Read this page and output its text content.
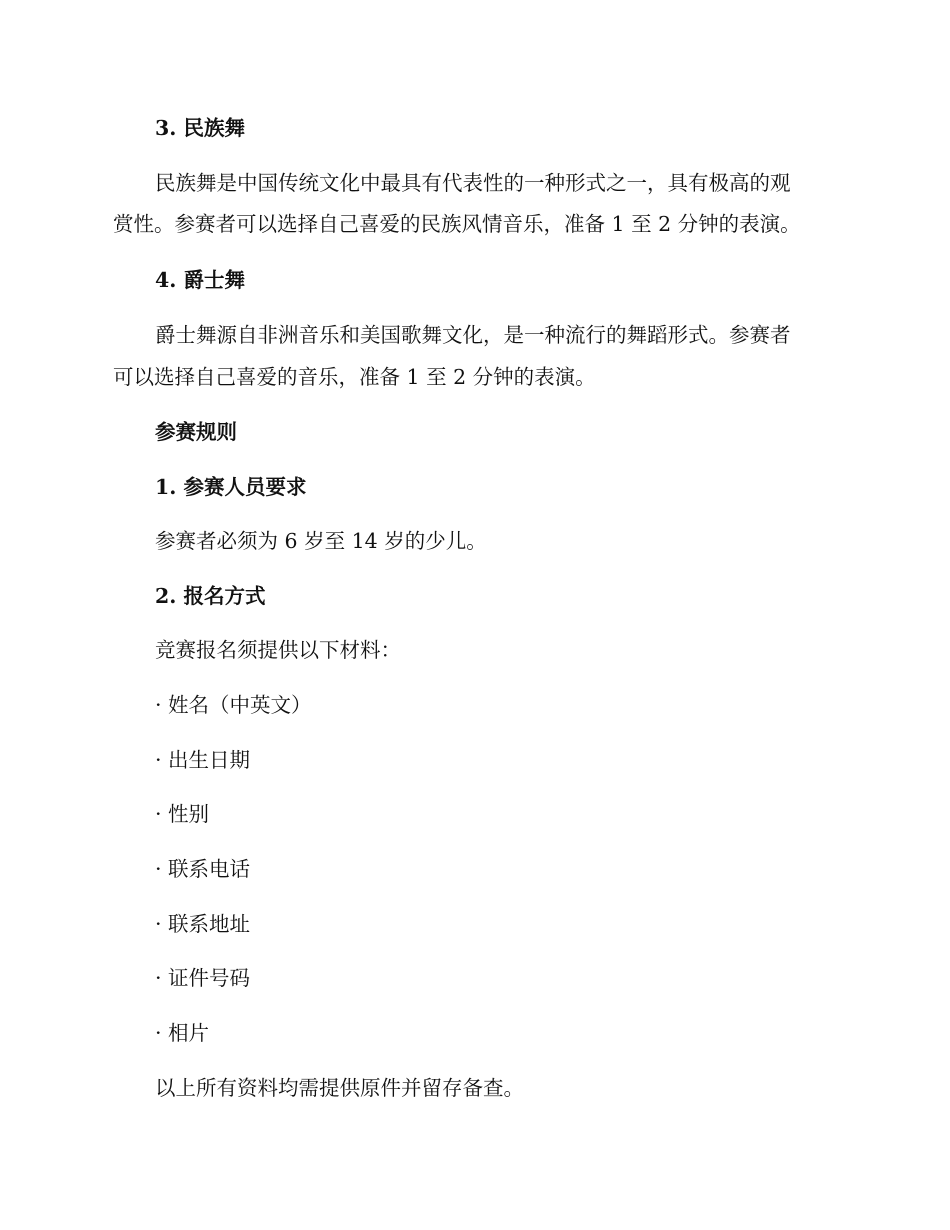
3. 民族舞

民族舞是中国传统文化中最具有代表性的一种形式之一，具有极高的观

赏性。参赛者可以选择自己喜爱的民族风情音乐，准备 1 至 2 分钟的表演。

4. 爵士舞

爵士舞源自非洲音乐和美国歌舞文化，是一种流行的舞蹈形式。参赛者

可以选择自己喜爱的音乐，准备 1 至 2 分钟的表演。

参赛规则

1. 参赛人员要求

参赛者必须为 6 岁至 14 岁的少儿。

2. 报名方式

竞赛报名须提供以下材料：

· 姓名（中英文）

· 出生日期

· 性别

· 联系电话

· 联系地址

· 证件号码

· 相片

以上所有资料均需提供原件并留存备查。
